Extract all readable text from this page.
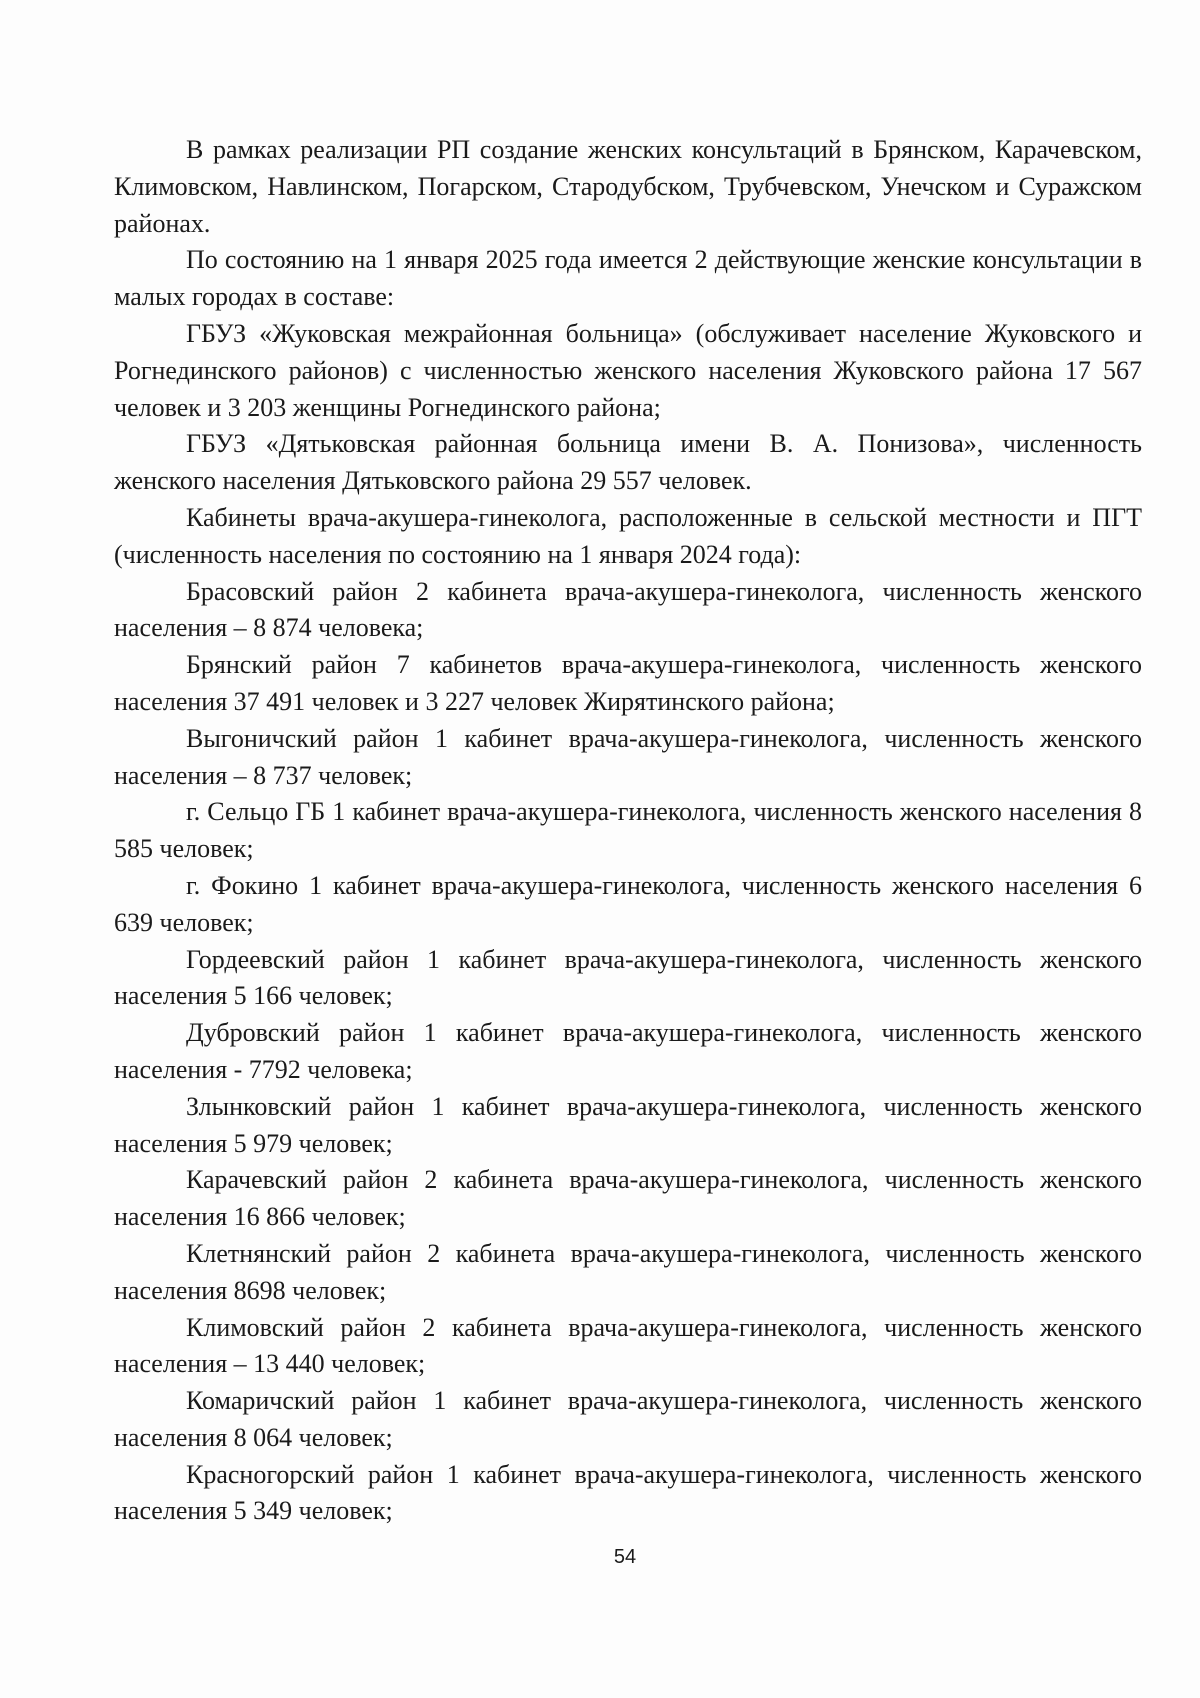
В рамках реализации РП создание женских консультаций в Брянском, Карачевском, Климовском, Навлинском, Погарском, Стародубском, Трубчевском, Унечском и Суражском районах.

По состоянию на 1 января 2025 года имеется 2 действующие женские консультации в малых городах в составе:

ГБУЗ «Жуковская межрайонная больница» (обслуживает население Жуковского и Рогнединского районов) с численностью женского населения Жуковского района 17 567 человек и 3 203 женщины Рогнединского района;

ГБУЗ «Дятьковская районная больница имени В. А. Понизова», численность женского населения Дятьковского района 29 557 человек.

Кабинеты врача-акушера-гинеколога, расположенные в сельской местности и ПГТ (численность населения по состоянию на 1 января 2024 года):

Брасовский район 2 кабинета врача-акушера-гинеколога, численность женского населения – 8 874 человека;

Брянский район 7 кабинетов врача-акушера-гинеколога, численность женского населения 37 491 человек и 3 227 человек Жирятинского района;

Выгоничский район 1 кабинет врача-акушера-гинеколога, численность женского населения – 8 737 человек;

г. Сельцо ГБ 1 кабинет врача-акушера-гинеколога, численность женского населения 8 585 человек;

г. Фокино 1 кабинет врача-акушера-гинеколога, численность женского населения 6 639 человек;

Гордеевский район 1 кабинет врача-акушера-гинеколога, численность женского населения 5 166 человек;

Дубровский район 1 кабинет врача-акушера-гинеколога, численность женского населения - 7792 человека;

Злынковский район 1 кабинет врача-акушера-гинеколога, численность женского населения 5 979 человек;

Карачевский район 2 кабинета врача-акушера-гинеколога, численность женского населения 16 866 человек;

Клетнянский район 2 кабинета врача-акушера-гинеколога, численность женского населения 8698 человек;

Климовский район 2 кабинета врача-акушера-гинеколога, численность женского населения – 13 440 человек;

Комаричский район 1 кабинет врача-акушера-гинеколога, численность женского населения 8 064 человек;

Красногорский район 1 кабинет врача-акушера-гинеколога, численность женского населения 5 349 человек;

54
